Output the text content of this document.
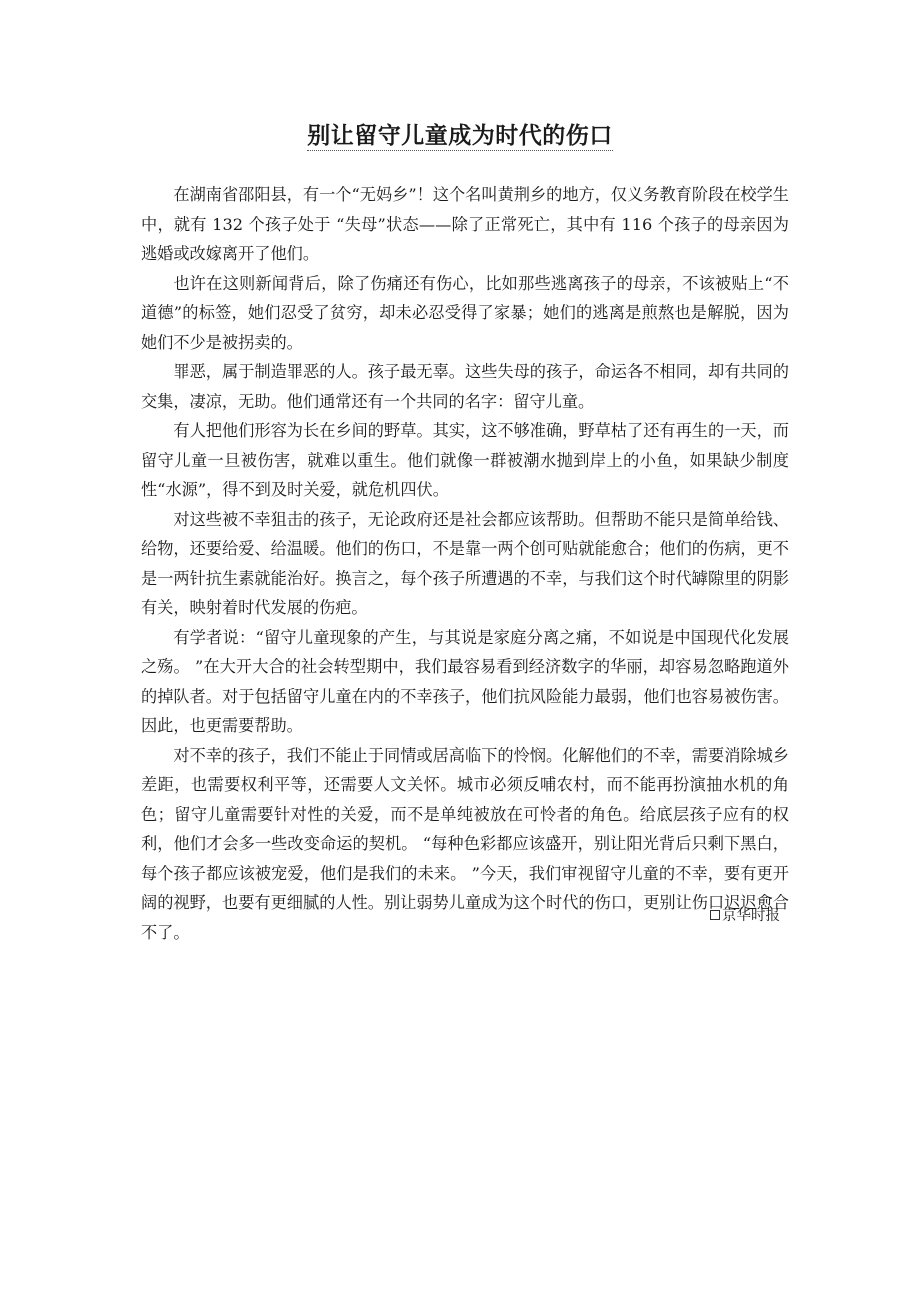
别让留守儿童成为时代的伤口

在湖南省邵阳县，有一个“无妈乡”！这个名叫黄荆乡的地方，仅义务教育阶段在校学生中，就有 132 个孩子处于 “失母”状态——除了正常死亡，其中有 116 个孩子的母亲因为逃婚或改嫁离开了他们。

也许在这则新闻背后，除了伤痛还有伤心，比如那些逃离孩子的母亲，不该被贴上“不道德”的标签，她们忍受了贫穷，却未必忍受得了家暴；她们的逃离是煎熬也是解脱，因为她们不少是被拐卖的。

罪恶，属于制造罪恶的人。孩子最无辜。这些失母的孩子，命运各不相同，却有共同的交集，凄凉，无助。他们通常还有一个共同的名字：留守儿童。

有人把他们形容为长在乡间的野草。其实，这不够准确，野草枯了还有再生的一天，而留守儿童一旦被伤害，就难以重生。他们就像一群被潮水抛到岸上的小鱼，如果缺少制度性“水源”，得不到及时关爱，就危机四伏。

对这些被不幸狙击的孩子，无论政府还是社会都应该帮助。但帮助不能只是简单给钱、给物，还要给爱、给温暖。他们的伤口，不是靠一两个创可贴就能愈合；他们的伤病，更不是一两针抗生素就能治好。换言之，每个孩子所遭遇的不幸，与我们这个时代罅隙里的阴影有关，映射着时代发展的伤疤。

有学者说：“留守儿童现象的产生，与其说是家庭分离之痛，不如说是中国现代化发展之殇。 ”在大开大合的社会转型期中，我们最容易看到经济数字的华丽，却容易忽略跑道外的掉队者。对于包括留守儿童在内的不幸孩子，他们抗风险能力最弱，他们也容易被伤害。因此，也更需要帮助。

对不幸的孩子，我们不能止于同情或居高临下的怜悯。化解他们的不幸，需要消除城乡差距，也需要权利平等，还需要人文关怀。城市必须反哺农村，而不能再扮演抽水机的角色；留守儿童需要针对性的关爱，而不是单纯被放在可怜者的角色。给底层孩子应有的权利，他们才会多一些改变命运的契机。 “每种色彩都应该盛开，别让阳光背后只剩下黑白，每个孩子都应该被宠爱，他们是我们的未来。 ”今天，我们审视留守儿童的不幸，要有更开阔的视野，也要有更细腻的人性。别让弱势儿童成为这个时代的伤口，更别让伤口迟迟愈合不了。

京华时报
